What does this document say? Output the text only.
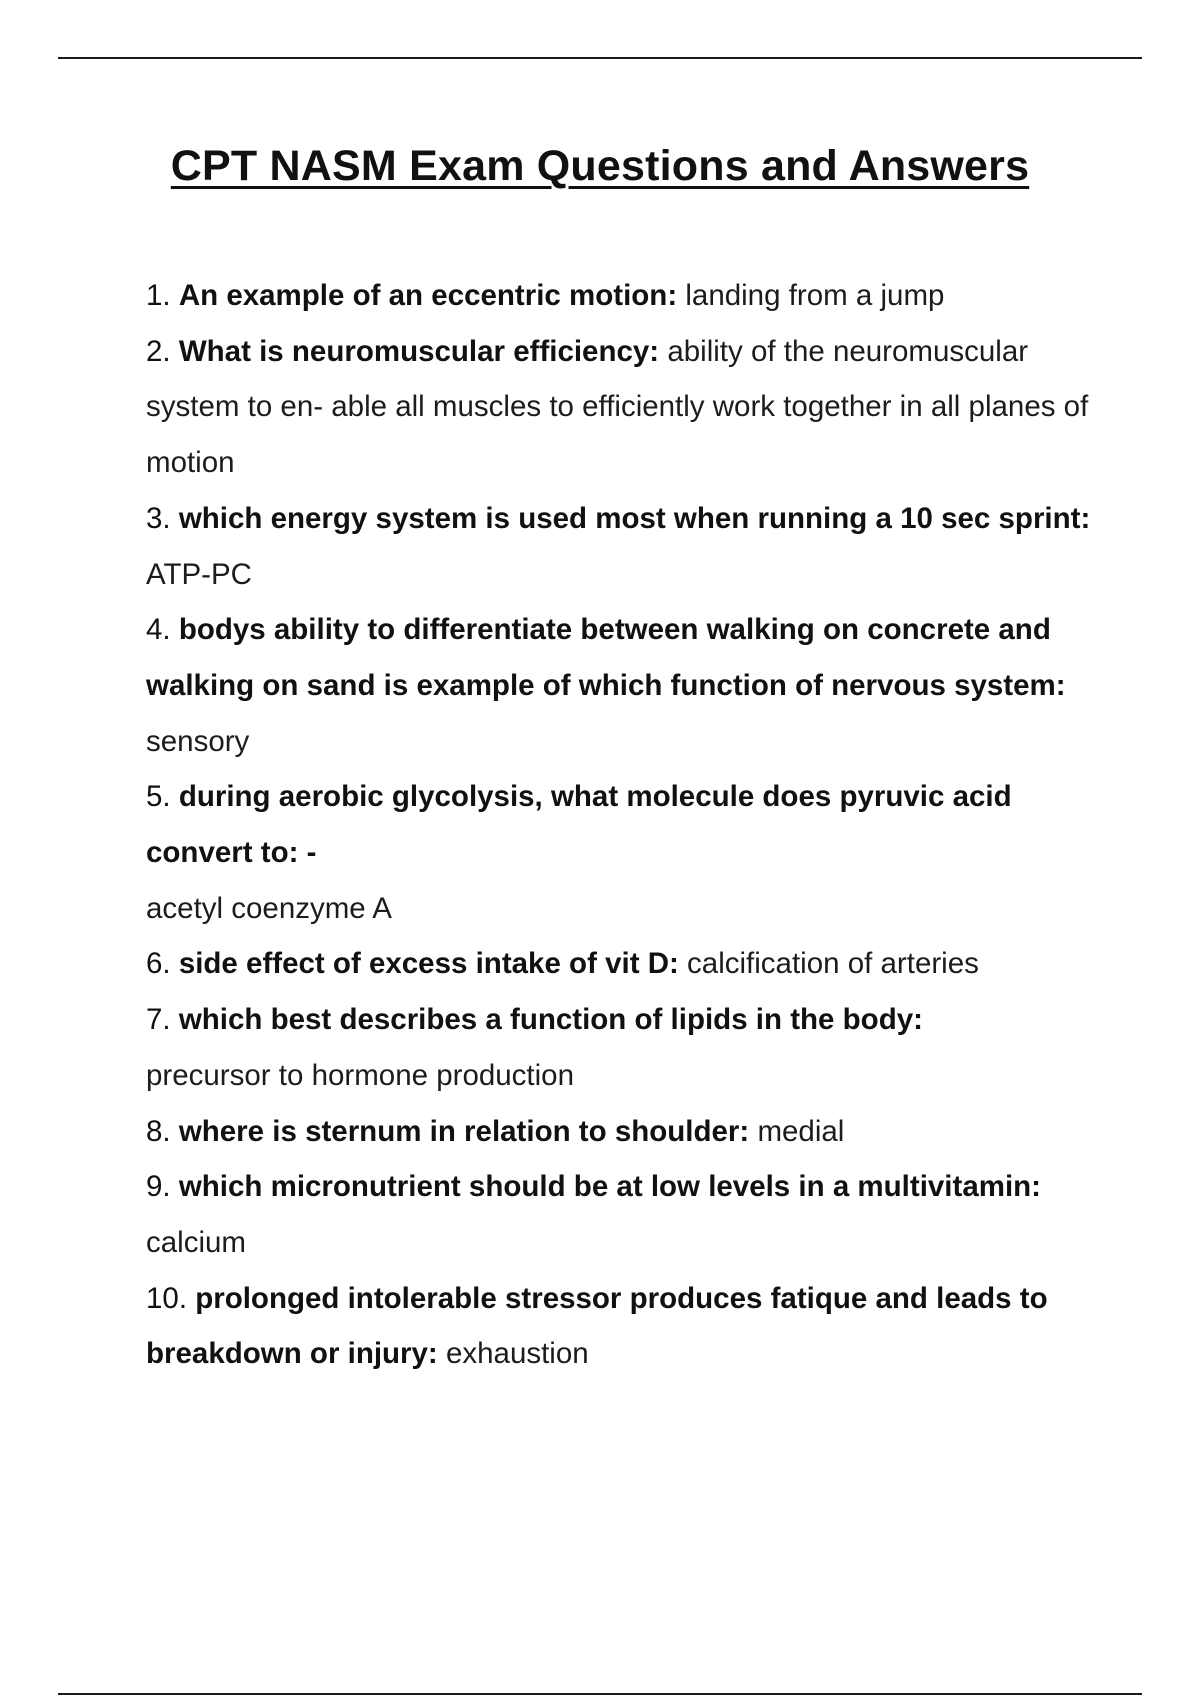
CPT NASM Exam Questions and Answers
1. An example of an eccentric motion: landing from a jump
2. What is neuromuscular efficiency: ability of the neuromuscular system to en- able all muscles to efficiently work together in all planes of motion
3. which energy system is used most when running a 10 sec sprint: ATP-PC
4. bodys ability to differentiate between walking on concrete and walking on sand is example of which function of nervous system: sensory
5. during aerobic glycolysis, what molecule does pyruvic acid convert to: -
acetyl coenzyme A
6. side effect of excess intake of vit D: calcification of arteries
7. which best describes a function of lipids in the body:
precursor to hormone production
8. where is sternum in relation to shoulder: medial
9. which micronutrient should be at low levels in a multivitamin: calcium
10. prolonged intolerable stressor produces fatique and leads to breakdown or injury: exhaustion
